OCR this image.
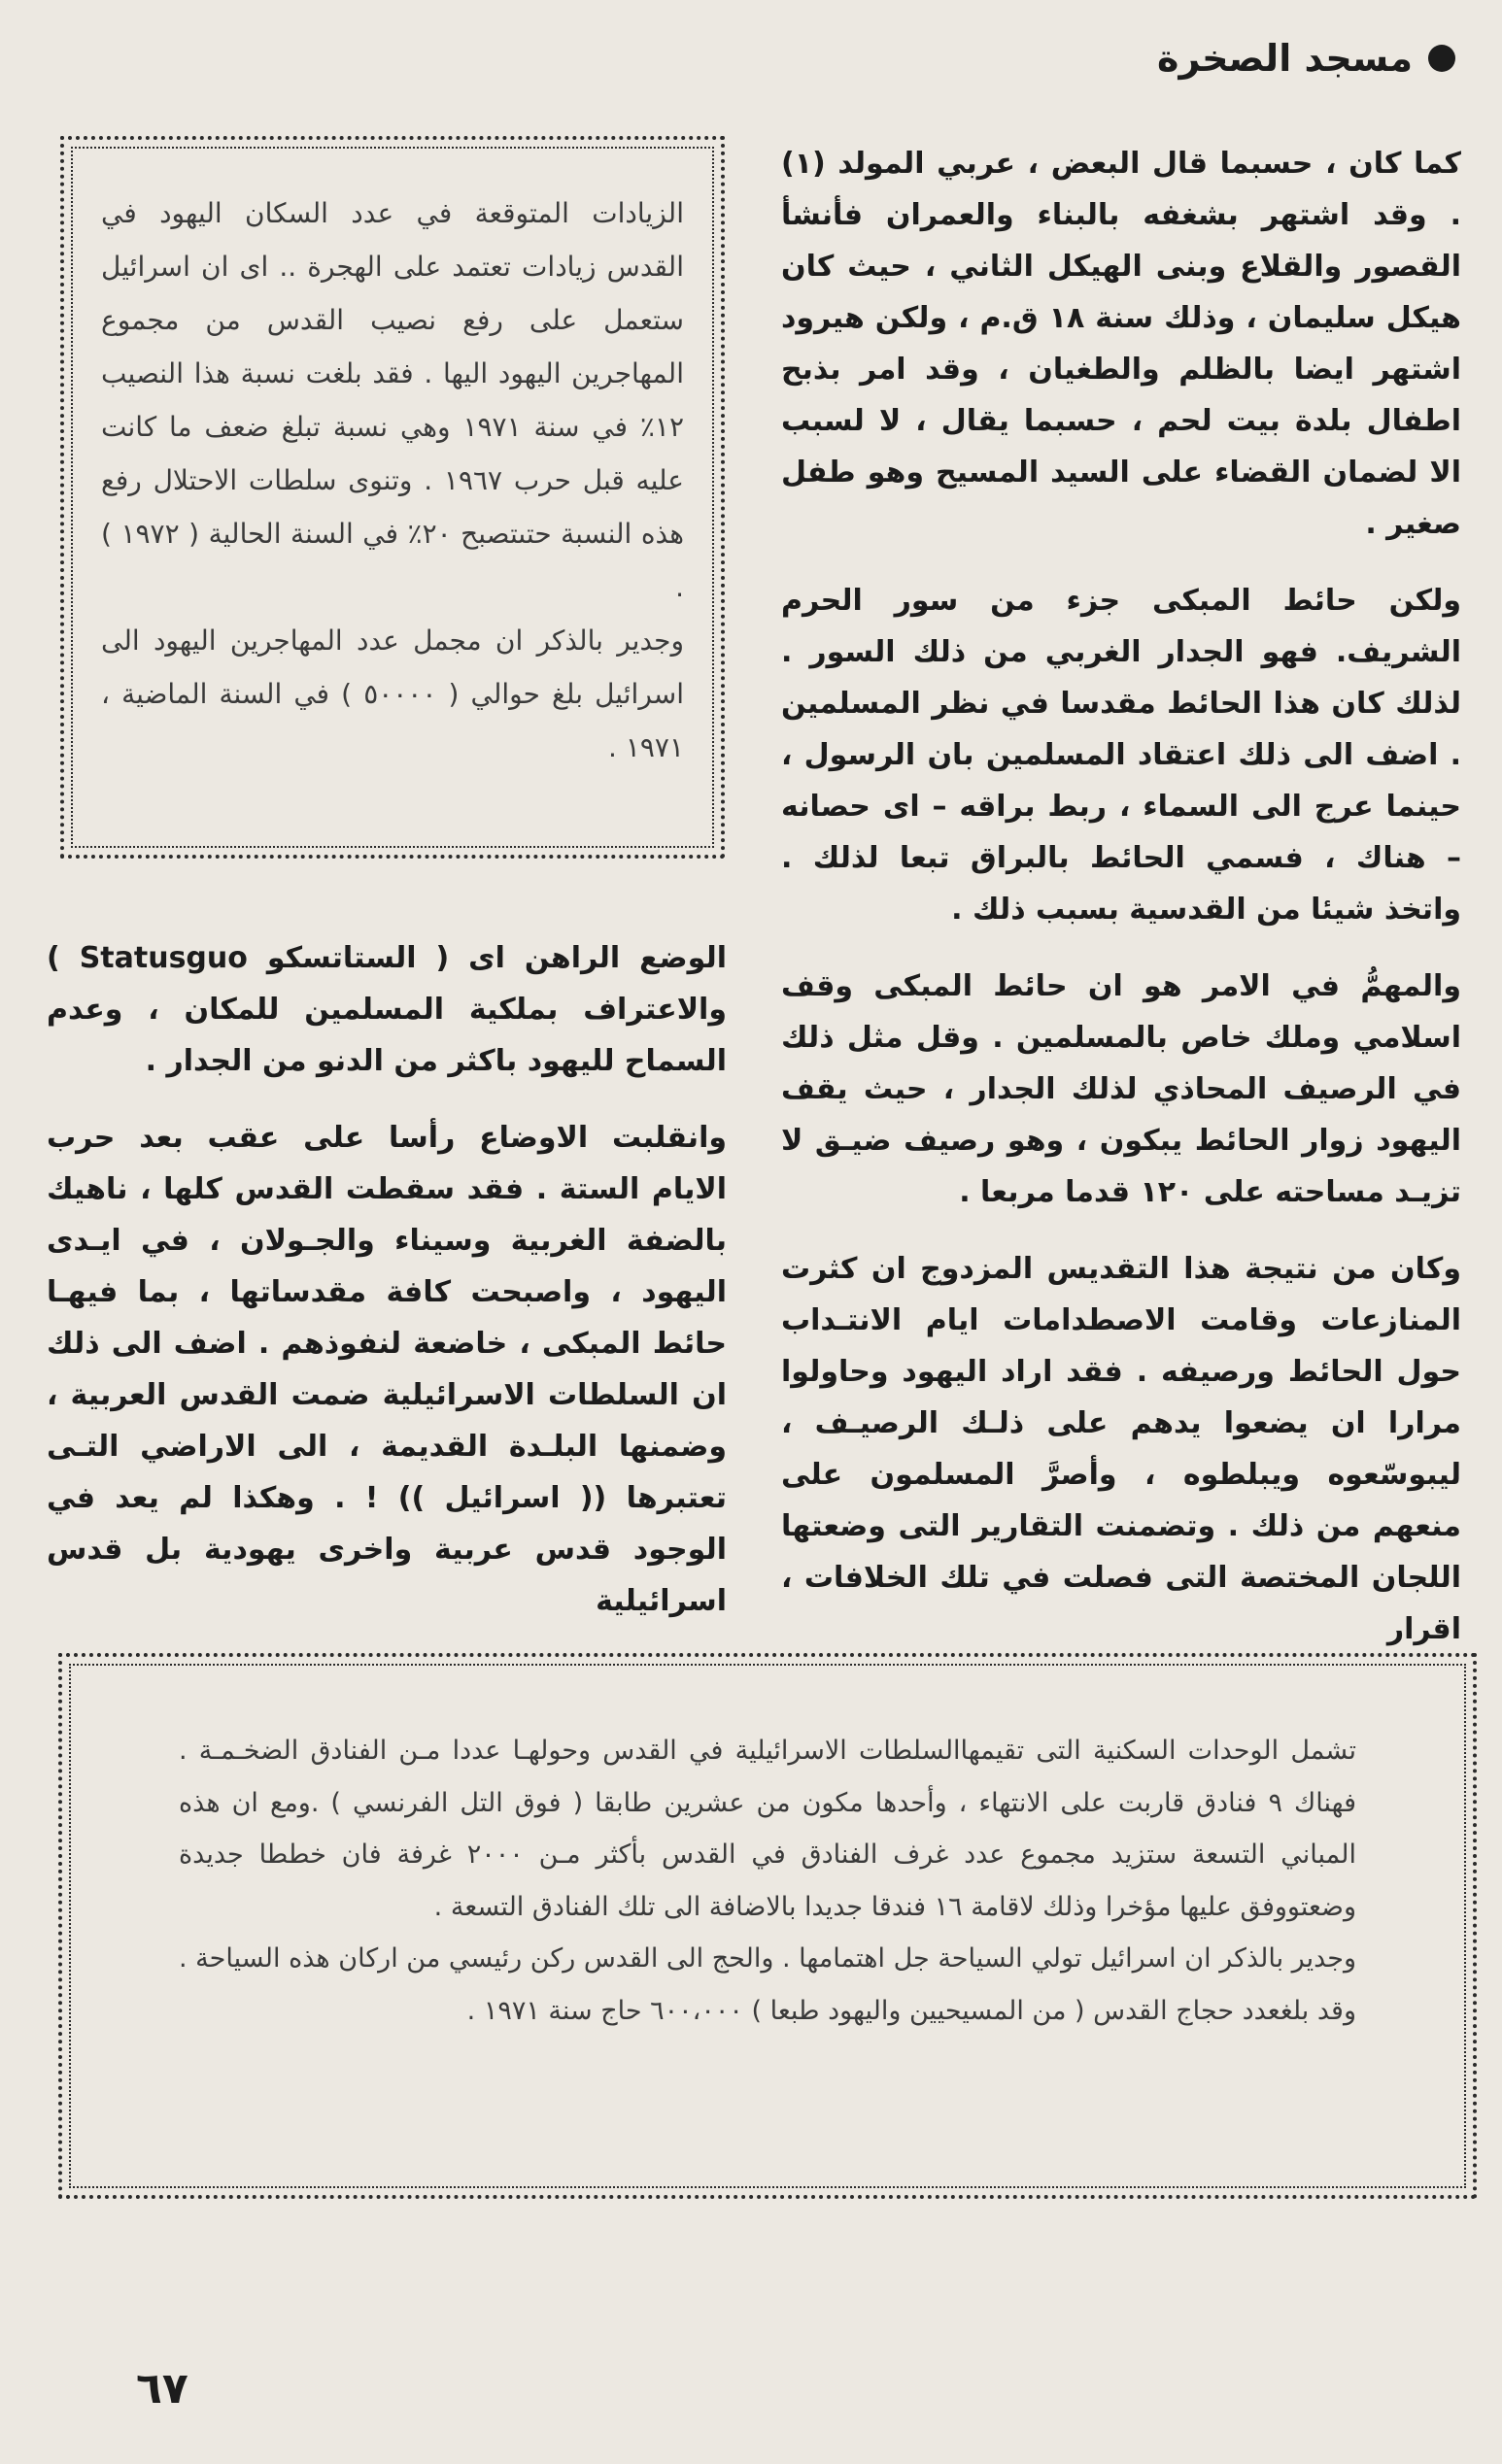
مسجد الصخرة

كما كان ، حسبما قال البعض ، عربي المولد (١) . وقد اشتهر بشغفه بالبناء والعمران فأنشأ القصور والقلاع وبنى الهيكل الثاني ، حيث كان هيكل سليمان ، وذلك سنة ١٨ ق.م ، ولكن هيرود اشتهر ايضا بالظلم والطغيان ، وقد امر بذبح اطفال بلدة بيت لحم ، حسبما يقال ، لا لسبب الا لضمان القضاء على السيد المسيح وهو طفل صغير .

ولكن حائط المبكى جزء من سور الحرم الشريف. فهو الجدار الغربي من ذلك السور . لذلك كان هذا الحائط مقدسا في نظر المسلمين . اضف الى ذلك اعتقاد المسلمين بان الرسول ، حينما عرج الى السماء ، ربط براقه – اى حصانه – هناك ، فسمي الحائط بالبراق تبعا لذلك . واتخذ شيئا من القدسية بسبب ذلك .

والمهمُّ في الامر هو ان حائط المبكى وقف اسلامي وملك خاص بالمسلمين . وقل مثل ذلك في الرصيف المحاذي لذلك الجدار ، حيث يقف اليهود زوار الحائط يبكون ، وهو رصيف ضيـق لا تزيـد مساحته على ١٢٠ قدما مربعا .

وكان من نتيجة هذا التقديس المزدوج ان كثرت المنازعات وقامت الاصطدامات ايام الانتـداب حول الحائط ورصيفه . فقد اراد اليهود وحاولوا مرارا ان يضعوا يدهم على ذلـك الرصيـف ، ليبوسّعوه ويبلطوه ، وأصرَّ المسلمون على منعهم من ذلك . وتضمنت التقارير التى وضعتها اللجان المختصة التى فصلت في تلك الخلافات ، اقرار

الزيادات المتوقعة في عدد السكان اليهود في القدس زيادات تعتمد على الهجرة .. اى ان اسرائيل ستعمل على رفع نصيب القدس من مجموع المهاجرين اليهود اليها . فقد بلغت نسبة هذا النصيب ١٢٪ في سنة ١٩٧١ وهي نسبة تبلغ ضعف ما كانت عليه قبل حرب ١٩٦٧ . وتنوى سلطات الاحتلال رفع هذه النسبة حتىتصبح ٢٠٪ في السنة الحالية ( ١٩٧٢ ) .

وجدير بالذكر ان مجمل عدد المهاجرين اليهود الى اسرائيل بلغ حوالي ( ٥٠٠٠٠ ) في السنة الماضية ، ١٩٧١ .

الوضع الراهن اى ( الستاتسكو Statusguo ) والاعتراف بملكية المسلمين للمكان ، وعدم السماح لليهود باكثر من الدنو من الجدار .

وانقلبت الاوضاع رأسا على عقب بعد حرب الايام الستة . فقد سقطت القدس كلها ، ناهيك بالضفة الغربية وسيناء والجـولان ، في ايـدى اليهود ، واصبحت كافة مقدساتها ، بما فيهـا حائط المبكى ، خاضعة لنفوذهم . اضف الى ذلك ان السلطات الاسرائيلية ضمت القدس العربية ، وضمنها البلـدة القديمة ، الى الاراضي التـى تعتبرها (( اسرائيل )) ! . وهكذا لم يعد في الوجود قدس عربية واخرى يهودية بل قدس اسرائيلية

تشمل الوحدات السكنية التى تقيمهاالسلطات الاسرائيلية في القدس وحولهـا عددا مـن الفنادق الضخـمـة . فهناك ٩ فنادق قاربت على الانتهاء ، وأحدها مكون من عشرين طابقا ( فوق التل الفرنسي ) .ومع ان هذه المباني التسعة ستزيد مجموع عدد غرف الفنادق في القدس بأكثر مـن ٢٠٠٠ غرفة فان خططا جديدة وضعتووفق عليها مؤخرا وذلك لاقامة ١٦ فندقا جديدا بالاضافة الى تلك الفنادق التسعة .

وجدير بالذكر ان اسرائيل تولي السياحة جل اهتمامها . والحج الى القدس ركن رئيسي من اركان هذه السياحة . وقد بلغعدد حجاج القدس ( من المسيحيين واليهود طبعا ) ٦٠٠،٠٠٠ حاج سنة ١٩٧١ .

٦٧
